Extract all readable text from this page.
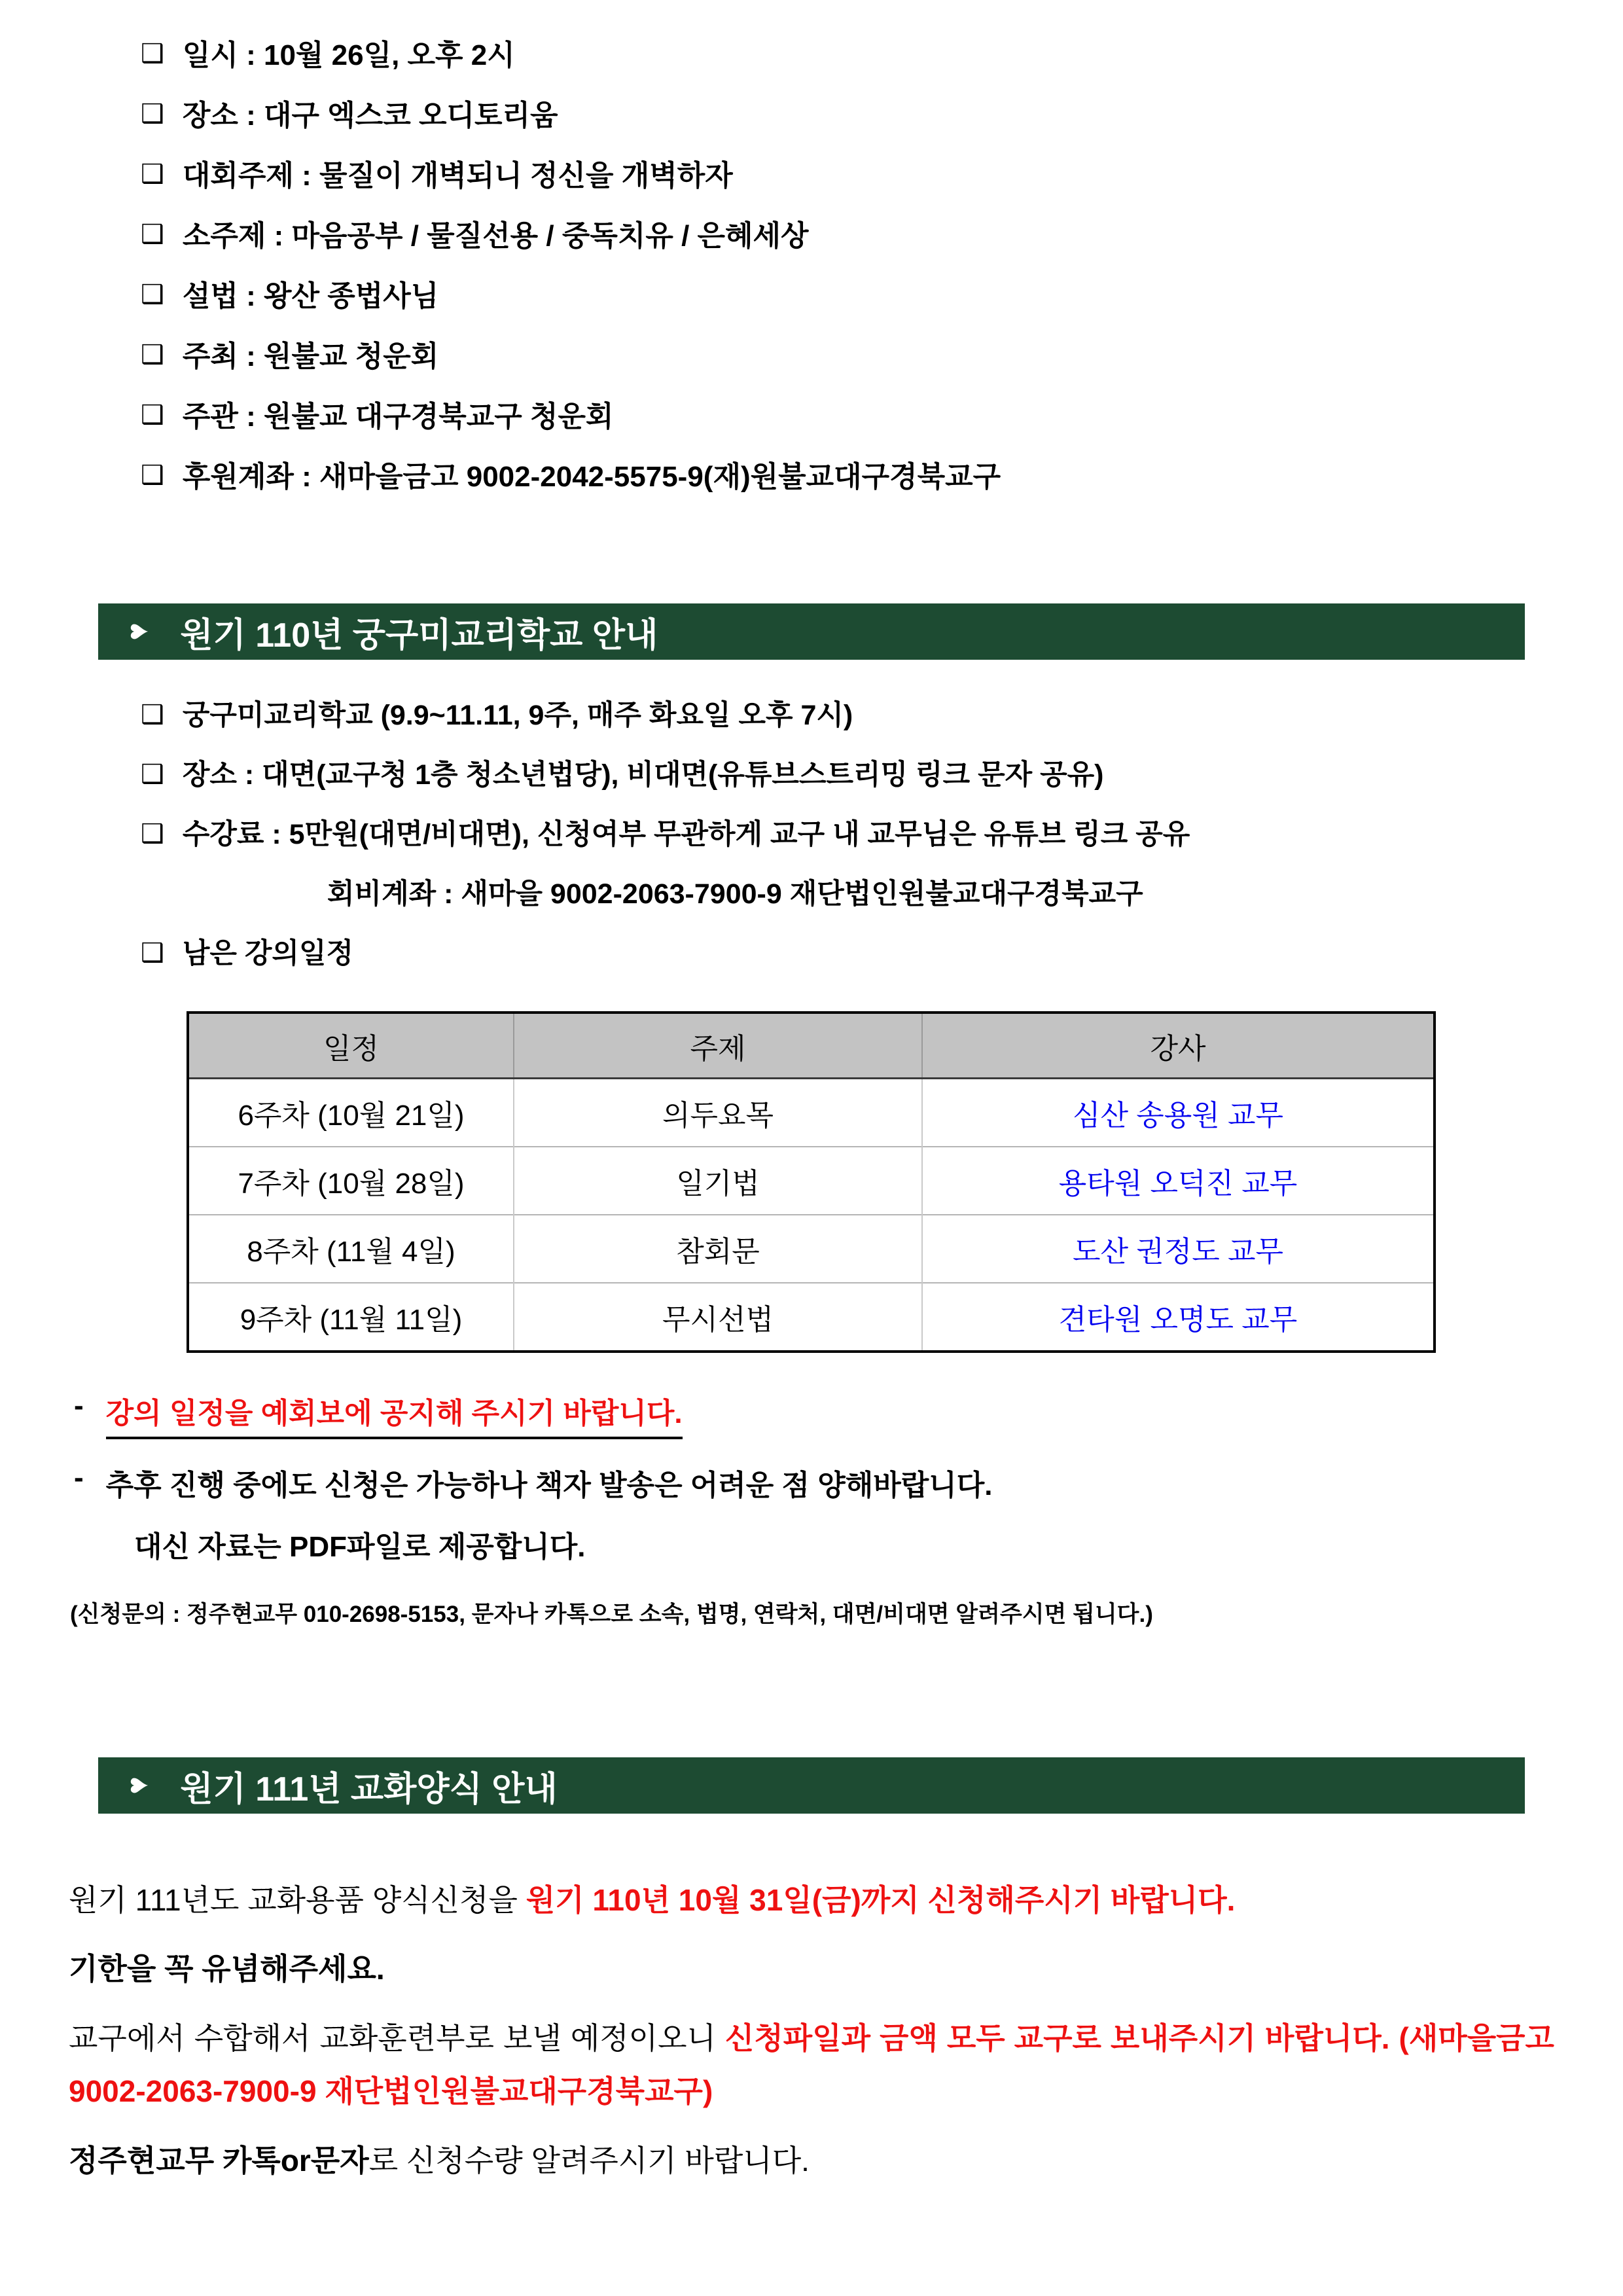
❑ 일시 : 10월 26일, 오후 2시
❑ 장소 : 대구 엑스코 오디토리움
❑ 대회주제 : 물질이 개벽되니 정신을 개벽하자
❑ 소주제 : 마음공부 / 물질선용 / 중독치유 / 은혜세상
❑ 설법 : 왕산 종법사님
❑ 주최 : 원불교 청운회
❑ 주관 : 원불교 대구경북교구 청운회
❑ 후원계좌 : 새마을금고 9002-2042-5575-9(재)원불교대구경북교구
♥ 원기 110년 궁구미교리학교 안내
❑ 궁구미교리학교 (9.9~11.11, 9주, 매주 화요일 오후 7시)
❑ 장소 : 대면(교구청 1층 청소년법당), 비대면(유튜브스트리밍 링크 문자 공유)
❑ 수강료 : 5만원(대면/비대면), 신청여부 무관하게 교구 내 교무님은 유튜브 링크 공유
회비계좌 : 새마을 9002-2063-7900-9 재단법인원불교대구경북교구
❑ 남은 강의일정
일정	주제	강사
6주차 (10월 21일)	의두요목	심산 송용원 교무
7주차 (10월 28일)	일기법	용타원 오덕진 교무
8주차 (11월 4일)	참회문	도산 권정도 교무
9주차 (11월 11일)	무시선법	견타원 오명도 교무
- 강의 일정을 예회보에 공지해 주시기 바랍니다.
- 추후 진행 중에도 신청은 가능하나 책자 발송은 어려운 점 양해바랍니다.
대신 자료는 PDF파일로 제공합니다.
(신청문의 : 정주현교무 010-2698-5153, 문자나 카톡으로 소속, 법명, 연락처, 대면/비대면 알려주시면 됩니다.)
♥ 원기 111년 교화양식 안내

원기 111년도 교화용품 양식신청을 원기 110년 10월 31일(금)까지 신청해주시기 바랍니다.

기한을 꼭 유념해주세요.

교구에서 수합해서 교화훈련부로 보낼 예정이오니 신청파일과 금액 모두 교구로 보내주시기 바랍니다. (새마을금고 9002-2063-7900-9 재단법인원불교대구경북교구)

정주현교무 카톡or문자로 신청수량 알려주시기 바랍니다.
